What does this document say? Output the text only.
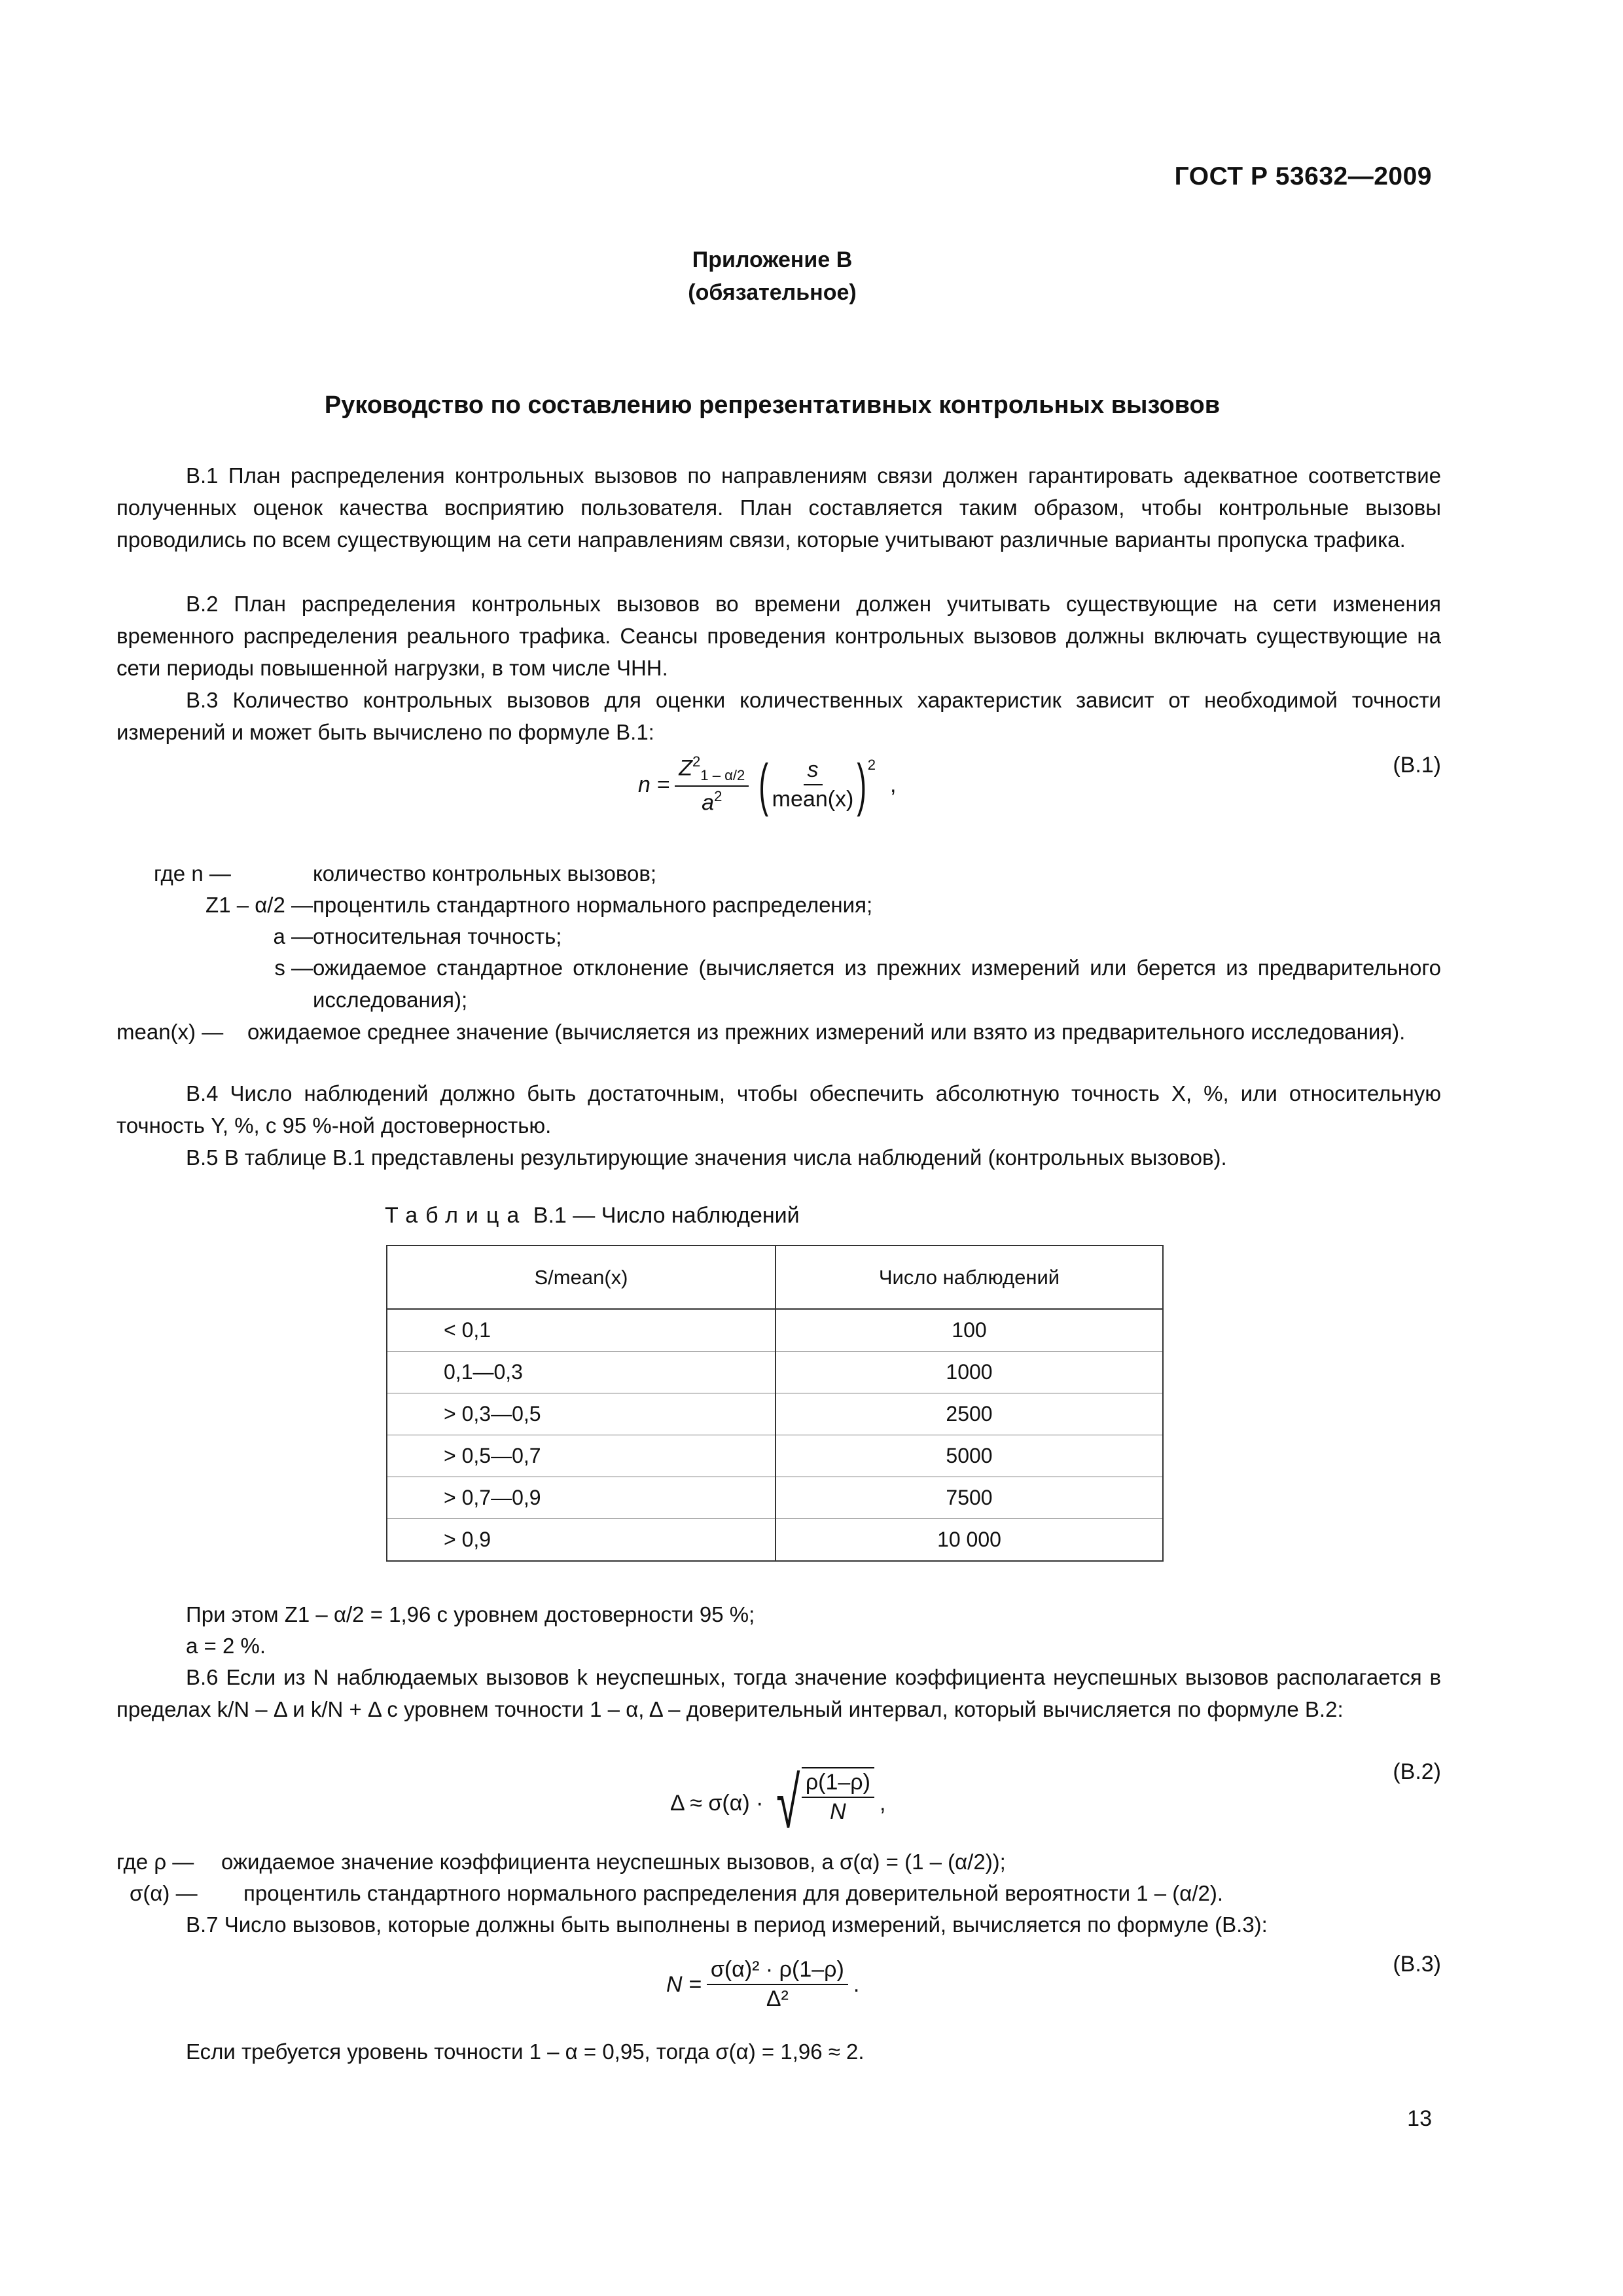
ГОСТ Р 53632—2009
Приложение В
(обязательное)
Руководство по составлению репрезентативных контрольных вызовов
В.1 План распределения контрольных вызовов по направлениям связи должен гарантировать адекватное соответствие полученных оценок качества восприятию пользователя. План составляется таким образом, чтобы контрольные вызовы проводились по всем существующим на сети направлениям связи, которые учитывают различные варианты пропуска трафика.
В.2 План распределения контрольных вызовов во времени должен учитывать существующие на сети изменения временного распределения реального трафика. Сеансы проведения контрольных вызовов должны включать существующие на сети периоды повышенной нагрузки, в том числе ЧНН.
В.3 Количество контрольных вызовов для оценки количественных характеристик зависит от необходимой точности измерений и может быть вычислено по формуле В.1:
$n = \frac{Z^2_{1 - \alpha/2}}{a^2}$ ( $\frac{s}{\text{mean(x)}}$ ) 2
,
(В.1)
где n —	количество контрольных вызовов;
Z1 – α/2 — процентиль стандартного нормального распределения;
a — относительная точность;
s — ожидаемое стандартное отклонение (вычисляется из прежних измерений или берется из предварительного исследования);
mean(x) — ожидаемое среднее значение (вычисляется из прежних измерений или взято из предварительного исследования).
В.4 Число наблюдений должно быть достаточным, чтобы обеспечить абсолютную точность X, %, или относительную точность Y, %, с 95 %-ной достоверностью.
В.5 В таблице В.1 представлены результирующие значения числа наблюдений (контрольных вызовов).
Таблица В.1 — Число наблюдений
S/mean(x)	Число наблюдений
< 0,1	100
0,1—0,3	1000
> 0,3—0,5	2500
> 0,5—0,7	5000
> 0,7—0,9	7500
> 0,9	10 000
При этом Z1 – α/2 = 1,96 с уровнем достоверности 95 %;
a = 2 %.
В.6 Если из N наблюдаемых вызовов k неуспешных, тогда значение коэффициента неуспешных вызовов располагается в пределах k/N – Δ и k/N + Δ с уровнем точности 1 – α, Δ – доверительный интервал, который вычисляется по формуле В.2:
Δ ≈ σ(α) · √ $\frac{\rho(1-\rho)}{N}$ ,
(В.2)
где ρ — ожидаемое значение коэффициента неуспешных вызовов, а σ(α) = (1 – (α/2));
σ(α) — процентиль стандартного нормального распределения для доверительной вероятности 1 – (α/2).
В.7 Число вызовов, которые должны быть выполнены в период измерений, вычисляется по формуле (В.3):
$N = \frac{\text{σ(α)² · ρ(1–ρ)}}{\text{Δ²}}$ .
(В.3)
Если требуется уровень точности 1 – α = 0,95, тогда σ(α) = 1,96 ≈ 2.
13
